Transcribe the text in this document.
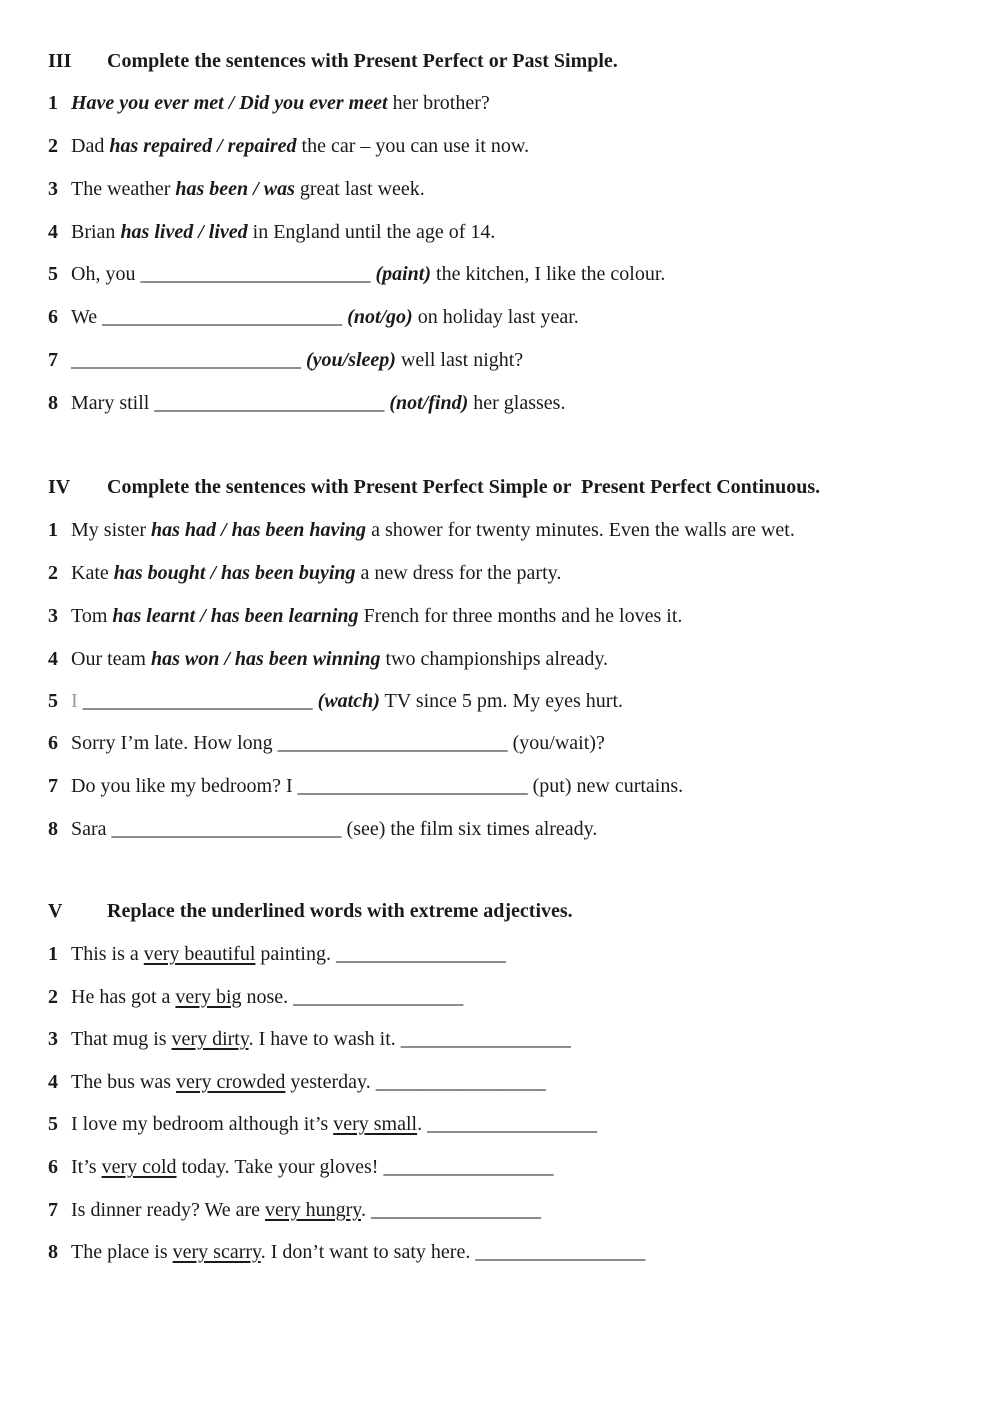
III Complete the sentences with Present Perfect or Past Simple.
1 Have you ever met / Did you ever meet her brother?
2 Dad has repaired / repaired the car – you can use it now.
3 The weather has been / was great last week.
4 Brian has lived / lived in England until the age of 14.
5 Oh, you _______________________ (paint) the kitchen, I like the colour.
6 We ________________________ (not/go) on holiday last year.
7 _______________________ (you/sleep) well last night?
8 Mary still _______________________ (not/find) her glasses.
IV Complete the sentences with Present Perfect Simple or  Present Perfect Continuous.
1 My sister has had / has been having a shower for twenty minutes. Even the walls are wet.
2 Kate has bought / has been buying a new dress for the party.
3 Tom has learnt / has been learning French for three months and he loves it.
4 Our team has won / has been winning two championships already.
5 I _______________________ (watch) TV since 5 pm. My eyes hurt.
6 Sorry I’m late. How long _______________________ (you/wait)?
7 Do you like my bedroom? I _______________________ (put) new curtains.
8 Sara _______________________ (see) the film six times already.
V Replace the underlined words with extreme adjectives.
1 This is a very beautiful painting. _________________
2 He has got a very big nose. _________________
3 That mug is very dirty. I have to wash it. _________________
4 The bus was very crowded yesterday. _________________
5 I love my bedroom although it’s very small. _________________
6 It’s very cold today. Take your gloves! _________________
7 Is dinner ready? We are very hungry. _________________
8 The place is very scarry. I don’t want to saty here. _________________
